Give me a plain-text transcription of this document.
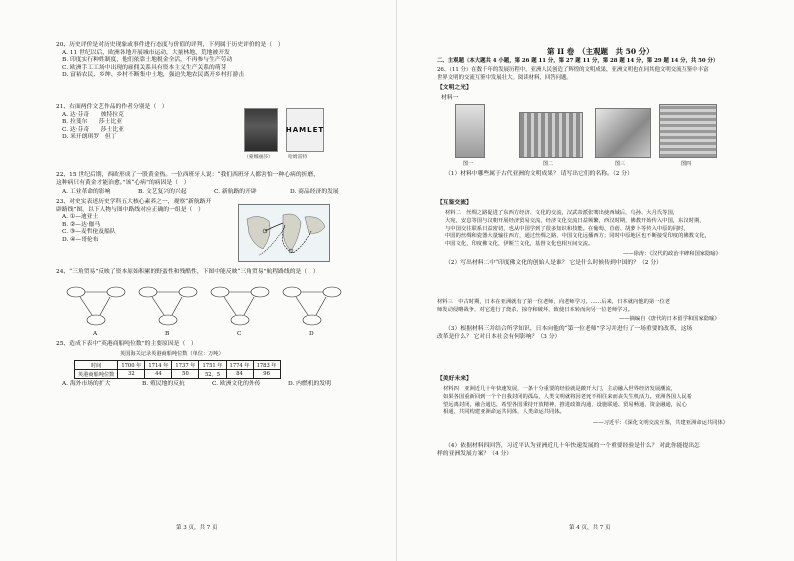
20、历史评价是对历史现象或事件进行态度与价值的评判，下列属于历史评价的是（　）
A. 11 世纪以后，欧洲各地开展城市运动，大量林地、荒地被开发
B. 印度实行种姓制度，他们依靠土地税金全活，不再参与生产劳动
C. 欧洲手工工场中出现的雇佣关系具有资本主义生产关系的萌芽
D. 富裕农民、乡绅、乡村不断集中土地，强迫失地农民离开乡村打游击
21、右面两件文艺作品的作者分别是（　）
A. 达·芬奇　　彼特拉克
B. 拉斐尔　　莎士比亚
C. 达·芬奇　　莎士比亚
D. 米开朗琪罗　但丁
HAMLET
（蒙娜丽莎）	哈姆雷特
22、15 世纪后期，西欧形成了一股黄金热。一位西班牙人说：“我们西班牙人都害怕一种心病的折磨，
这种病只有黄金才能治愈。”该“心病”的病因是（　）
A. 工业革命的影响	B. 文艺复兴的兴起	C. 新航路的开辟	D. 商品经济的发展
23、对史实表述历史学科五大核心素养之一，观察“新航路开
辟路线”图，以下人物与图中路线对应正确的一组是（　）
A. ①—迪亚士
B. ②—达·伽马
C. ③—麦哲伦及船队
D. ④—哥伦布
24、“三角贸易”反映了资本原始积累的野蛮性和残酷性，下图中能反映“三角贸易”航程路线的是（　）
A	B	C	D
25、造成下表中“英港商船吨位数”的主要原因是（　）
英国海关记录英港商船吨位数（单位：万吨）
时间	1700 年	1714 年	1737 年	1751 年	1774 年	1783 年
英港商船吨位数	32	44	50	52、5	84	96
A. 海外市场的扩大	B. 殖民地的反抗	C. 欧洲文化的外传	D. 内燃机的发明
第 3 页，共 7 页
第 II 卷　（主观题　共 50 分）
二、主观题（本大题共 4 小题，第 26 题 11 分，第 27 题 11 分，第 28 题 14 分，第 29 题 14 分，共 50 分）
26、（11 分）在数千年的发展历程中，亚洲人民创造了辉煌的文明成果，亚洲文明也在同其他文明交流互鉴中丰富
世界文明的交流互鉴中发展壮大。阅读材料，回答问题。
【文明之光】
材料一
图一	图二	图三	图四
（1）材料中哪些属于古代亚洲的文明成果？ 请写出它们的名称。（2 分）
【互鉴交流】
材料二　丝绸之路促进了东西方经济、文化的交流，汉武帝派张骞出使西域后，乌孙、大月氏等国，
大宛，安息等国与汉朝开展经济贸易交流，经济文化交流日益频繁，西汉时期，佛教开始传入中国，东汉时期，
与中国交往联系日益密切，也从中国学到了很多知识和技能。在葡萄、苜蓿、胡萝卜等传入中原的同时，
中国的丝绸和瓷器大量输往西方，通过丝绸之路，中国文化远播西方；同时中原地区也不断接受印度的佛教文化，
中国文化，印度佛文化，伊斯兰文化，基督文化也相互间交流。
——徐涛：《汉代的政治丰碑和国家隐喻》
（2）写出材料二中“印度佛文化的创始人是谁？ 它是什么时候传到中国的？（2 分）
材料三　中古时期，日本在亚洲就有了第一位老师，向老师学习，……后来，日本就向他的第一位老
师发动侵略战争，对它进行了烧杀、掠夺和破坏，致使日本转而向另一位老师学习。
——摘编自《唐代的日本留学和国家隐喻》
（3）根据材料三并结合所学知识，日本向他的“第一位老师”学习并进行了一场重要的改革，这场
改革是什么？ 它对日本社会有何影响？（3 分）
【美好未来】
材料四　亚洲近几十年快速发展，一条十分重要的经验就是敞开大门，主动融入世界经济发展潮流，
如果各国重新回到一个个自我封闭的孤岛，人类文明就将因老死不相往来而丧失生机活力。亚洲各国人民希
望远离封闭，融合通达，希望各国秉持开放精神，推进政策沟通、设施联通、贸易畅通、资金融通，民心
相通，共同构建亚洲命运共同体，人类命运共同体。
——习近平：《深化文明交流互鉴，共建亚洲命运共同体》
（4）依据材料四回答，习近平认为亚洲近几十年快速发展的一个重要经验是什么？ 对此你能提出怎
样的亚洲发展方案？（4 分）
第 4 页，共 7 页
